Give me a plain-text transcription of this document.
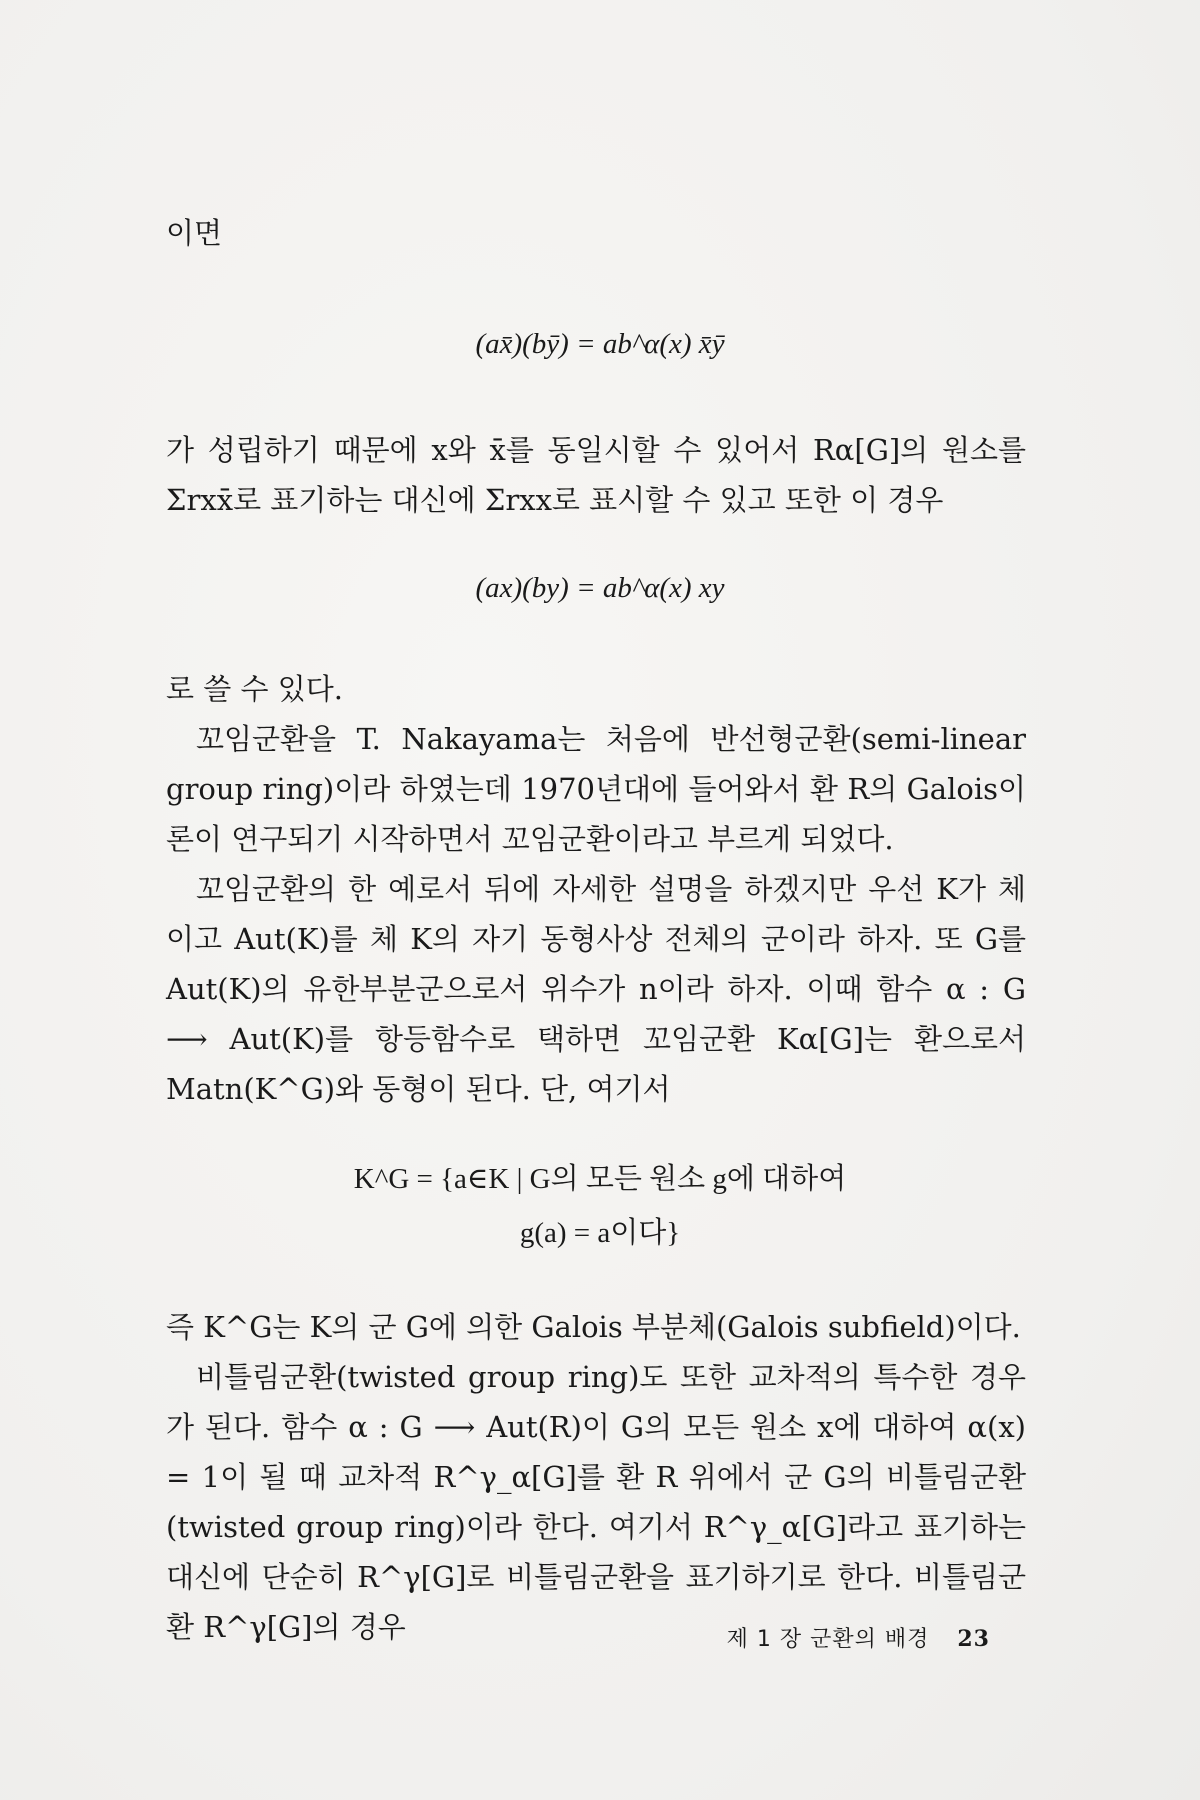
이면

(ax̄)(bȳ) = ab^α(x) x̄ȳ

가 성립하기 때문에 x와 x̄를 동일시할 수 있어서 Rα[G]의 원소를 Σrxx̄로 표기하는 대신에 Σrxx로 표시할 수 있고 또한 이 경우

(ax)(by) = ab^α(x) xy

로 쓸 수 있다.

꼬임군환을 T. Nakayama는 처음에 반선형군환(semi-linear group ring)이라 하였는데 1970년대에 들어와서 환 R의 Galois이론이 연구되기 시작하면서 꼬임군환이라고 부르게 되었다.

꼬임군환의 한 예로서 뒤에 자세한 설명을 하겠지만 우선 K가 체이고 Aut(K)를 체 K의 자기 동형사상 전체의 군이라 하자. 또 G를 Aut(K)의 유한부분군으로서 위수가 n이라 하자. 이때 함수 α : G ⟶ Aut(K)를 항등함수로 택하면 꼬임군환 Kα[G]는 환으로서 Matn(K^G)와 동형이 된다. 단, 여기서

K^G = {a∈K | G의 모든 원소 g에 대하여

g(a) = a이다}

즉 K^G는 K의 군 G에 의한 Galois 부분체(Galois subfield)이다.

비틀림군환(twisted group ring)도 또한 교차적의 특수한 경우가 된다. 함수 α : G ⟶ Aut(R)이 G의 모든 원소 x에 대하여 α(x) = 1이 될 때 교차적 R^γ_α[G]를 환 R 위에서 군 G의 비틀림군환(twisted group ring)이라 한다. 여기서 R^γ_α[G]라고 표기하는 대신에 단순히 R^γ[G]로 비틀림군환을 표기하기로 한다. 비틀림군환 R^γ[G]의 경우	제 1 장 군환의 배경 23
